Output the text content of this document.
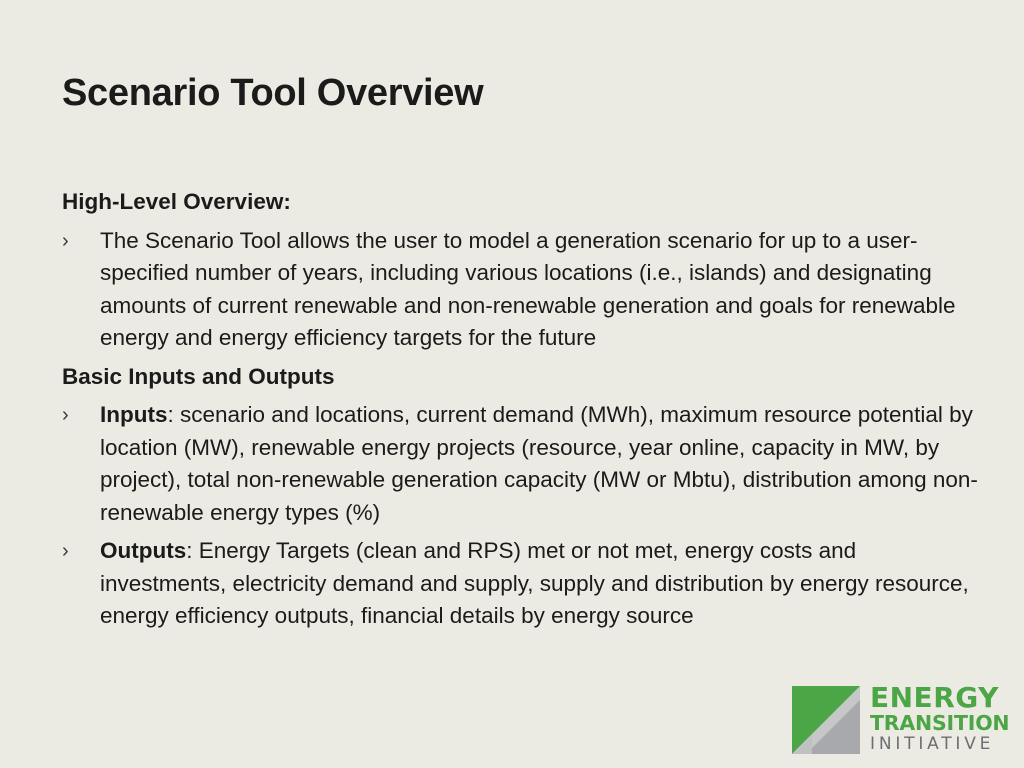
Scenario Tool Overview
High-Level Overview:
›	The Scenario Tool allows the user to model a generation scenario for up to a user-specified number of years, including various locations (i.e., islands) and designating amounts of current renewable and non-renewable generation and goals for renewable energy and energy efficiency targets for the future
Basic Inputs and Outputs
›	Inputs: scenario and locations, current demand (MWh), maximum resource potential by location (MW), renewable energy projects (resource, year online, capacity in MW, by project), total non-renewable generation capacity (MW or Mbtu), distribution among non-renewable energy types (%)
›	Outputs: Energy Targets (clean and RPS) met or not met, energy costs and investments, electricity demand and supply, supply and distribution by energy resource, energy efficiency outputs, financial details by energy source
ENERGY
TRANSITION
INITIATIVE
